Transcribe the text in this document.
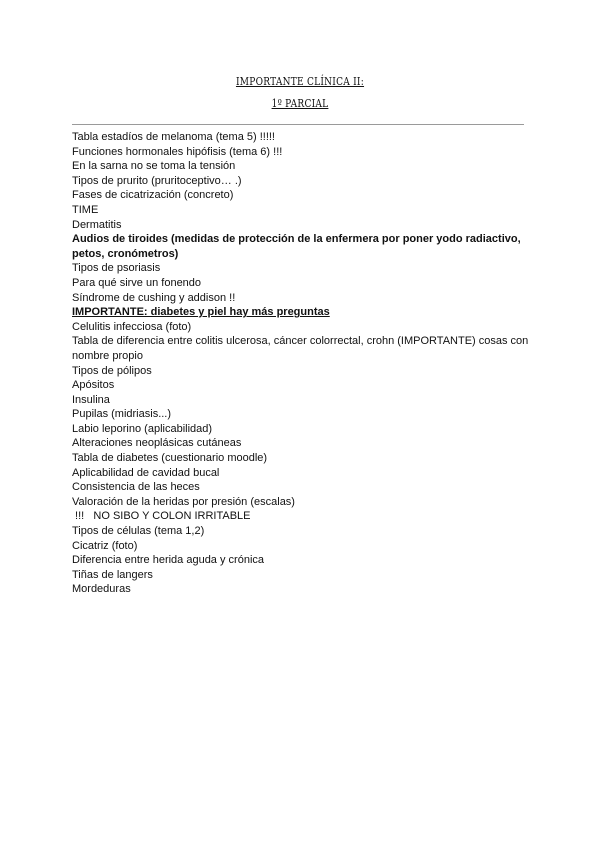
IMPORTANTE CLÍNICA II:
1º PARCIAL
Tabla estadíos de melanoma (tema 5) !!!!!
Funciones hormonales hipófisis (tema 6) !!!
En la sarna no se toma la tensión
Tipos de prurito (pruritoceptivo… .)
Fases de cicatrización (concreto)
TIME
Dermatitis
Audios de tiroides (medidas de protección de la enfermera por poner yodo radiactivo, petos, cronómetros)
Tipos de psoriasis
Para qué sirve un fonendo
Síndrome de cushing y addison !!
IMPORTANTE: diabetes y piel hay más preguntas
Celulitis infecciosa (foto)
Tabla de diferencia entre colitis ulcerosa, cáncer colorrectal, crohn (IMPORTANTE) cosas con nombre propio
Tipos de pólipos
Apósitos
Insulina
Pupilas (midriasis...)
Labio leporino (aplicabilidad)
Alteraciones neoplásicas cutáneas
Tabla de diabetes (cuestionario moodle)
Aplicabilidad de cavidad bucal
Consistencia de las heces
Valoración de la heridas por presión (escalas)
!!!   NO SIBO Y COLON IRRITABLE
Tipos de células (tema 1,2)
Cicatriz (foto)
Diferencia entre herida aguda y crónica
Tiñas de langers
Mordeduras
